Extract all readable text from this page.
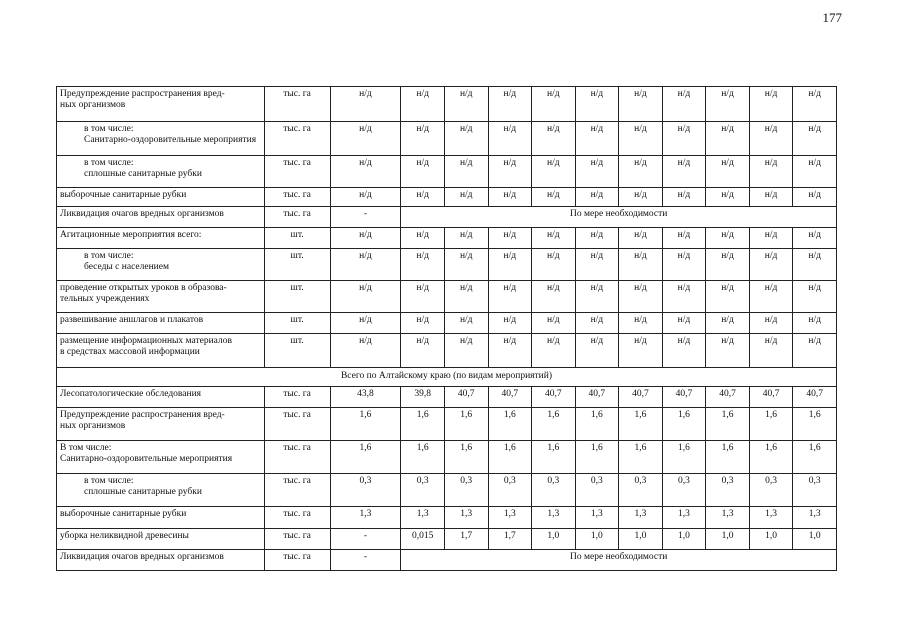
177
Предупреждение распространения вред-
ных организмов	тыс. га	н/д	н/д	н/д	н/д	н/д	н/д	н/д	н/д	н/д	н/д	н/д

в том числе:
Санитарно-оздоровительные мероприятия	тыс. га	н/д	н/д	н/д	н/д	н/д	н/д	н/д	н/д	н/д	н/д	н/д

в том числе:
сплошные санитарные рубки	тыс. га	н/д	н/д	н/д	н/д	н/д	н/д	н/д	н/д	н/д	н/д	н/д

выборочные санитарные рубки	тыс. га	н/д	н/д	н/д	н/д	н/д	н/д	н/д	н/д	н/д	н/д	н/д
Ликвидация очагов вредных организмов	тыс. га	-	По мере необходимости									

Агитационные мероприятия всего:	шт.	н/д	н/д	н/д	н/д	н/д	н/д	н/д	н/д	н/д	н/д	н/д

в том числе:
беседы с населением	шт.	н/д	н/д	н/д	н/д	н/д	н/д	н/д	н/д	н/д	н/д	н/д

проведение открытых уроков в образова-
тельных учреждениях	шт.	н/д	н/д	н/д	н/д	н/д	н/д	н/д	н/д	н/д	н/д	н/д

развешивание аншлагов и плакатов	шт.	н/д	н/д	н/д	н/д	н/д	н/д	н/д	н/д	н/д	н/д	н/д

размещение информационных материалов
в средствах массовой информации	шт.	н/д	н/д	н/д	н/д	н/д	н/д	н/д	н/д	н/д	н/д	н/д
Всего по Алтайскому краю (по видам мероприятий)												

Лесопатологические обследования	тыс. га	43,8	39,8	40,7	40,7	40,7	40,7	40,7	40,7	40,7	40,7	40,7

Предупреждение распространения вред-
ных организмов	тыс. га	1,6	1,6	1,6	1,6	1,6	1,6	1,6	1,6	1,6	1,6	1,6

В том числе:
Санитарно-оздоровительные мероприятия	тыс. га	1,6	1,6	1,6	1,6	1,6	1,6	1,6	1,6	1,6	1,6	1,6

в том числе:
сплошные санитарные рубки	тыс. га	0,3	0,3	0,3	0,3	0,3	0,3	0,3	0,3	0,3	0,3	0,3

выборочные санитарные рубки	тыс. га	1,3	1,3	1,3	1,3	1,3	1,3	1,3	1,3	1,3	1,3	1,3

уборка неликвидной древесины	тыс. га	-	0,015	1,7	1,7	1,0	1,0	1,0	1,0	1,0	1,0	1,0
Ликвидация очагов вредных организмов	тыс. га	-	По мере необходимости									
